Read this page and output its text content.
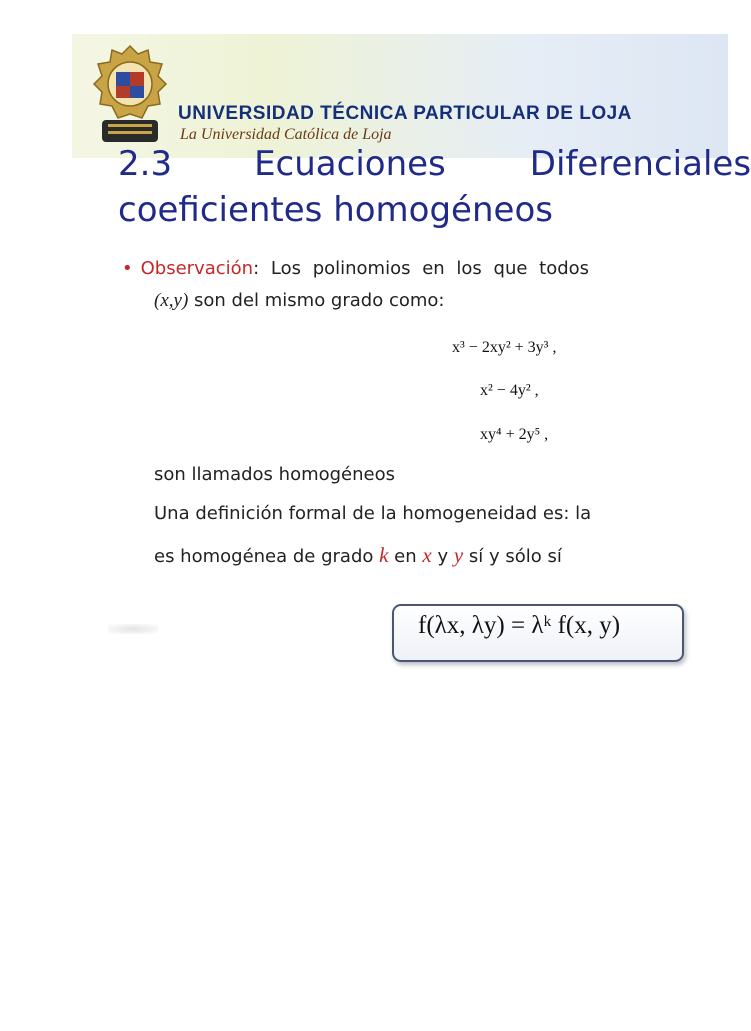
UNIVERSIDAD TÉCNICA PARTICULAR DE LOJA
La Universidad Católica de Loja
2.3 Ecuaciones Diferenciales
coeficientes homogéneos
• Observación: Los polinomios en los que todos
(x,y) son del mismo grado como:
x³ − 2xy² + 3y³ ,
x² − 4y² ,
xy⁴ + 2y⁵ ,
son llamados homogéneos
Una definición formal de la homogeneidad es: la
es homogénea de grado k en x y y sí y sólo sí
f(λx, λy) = λᵏ f(x, y)
